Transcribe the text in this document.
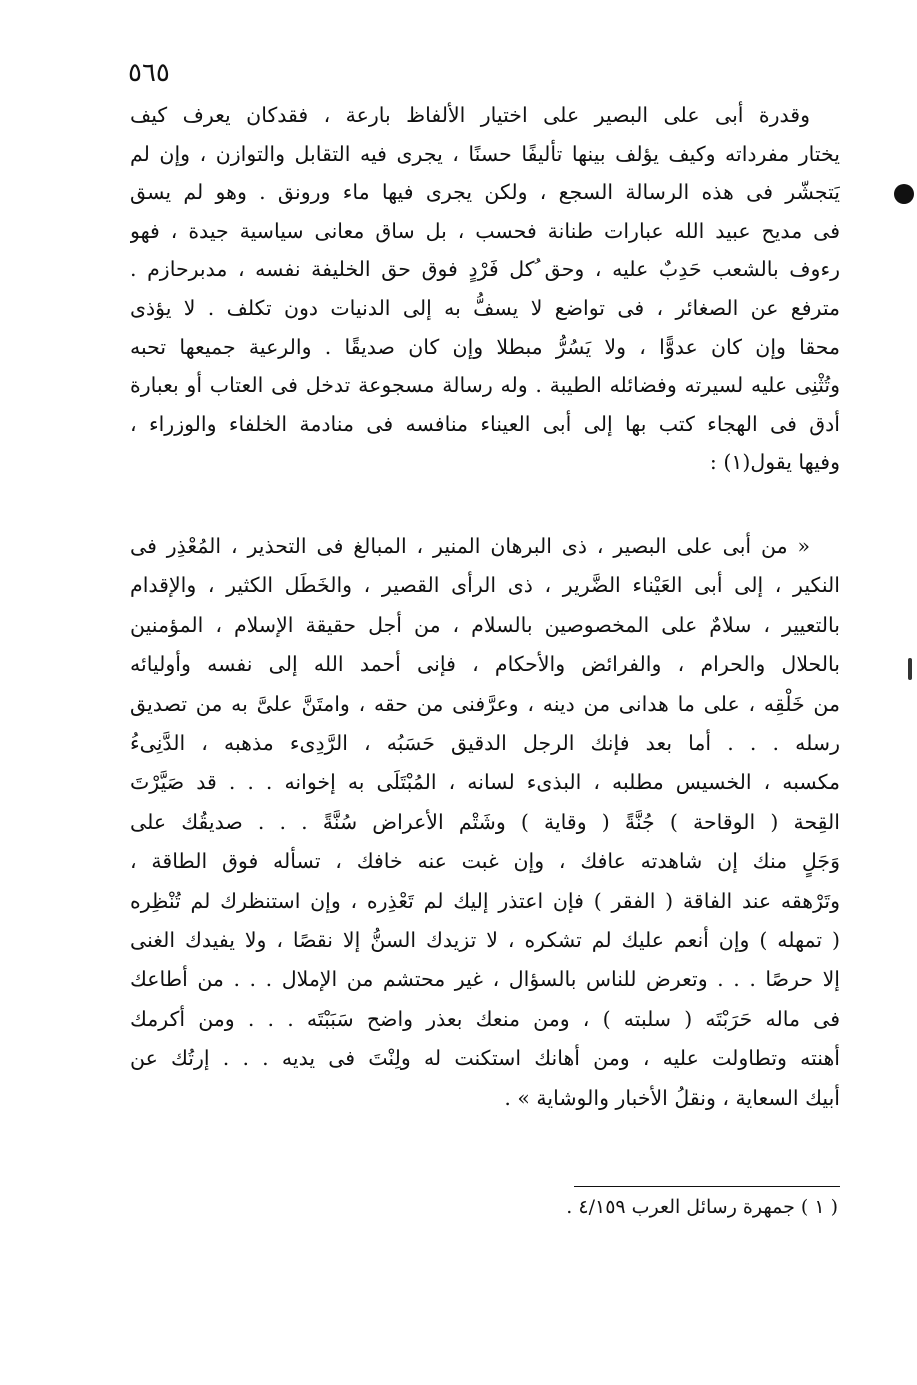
٥٦٥
وقدرة أبى على البصير على اختيار الألفاظ بارعة ، فقدكان يعرف كيف
يختار مفرداته وكيف يؤلف بينها تأليفًا حسنًا ، يجرى فيه التقابل والتوازن ، وإن لم
يَتجشّر فى هذه الرسالة السجع ، ولكن يجرى فيها ماء ورونق . وهو لم يسق
فى مديح عبيد الله عبارات طنانة فحسب ، بل ساق معانى سياسية جيدة ، فهو
رءوف بالشعب حَدِبٌ عليه ، وحق ُكل فَرْدٍ فوق حق الخليفة نفسه ، مدبرحازم .
مترفع عن الصغائر ، فى تواضع لا يسفُّ به إلى الدنيات دون تكلف . لا يؤذى
محقا وإن كان عدوًّا ، ولا يَسُرُّ مبطلا وإن كان صديقًا . والرعية جميعها تحبه
وتُثْنِى عليه لسيرته وفضائله الطيبة . وله رسالة مسجوعة تدخل فى العتاب أو بعبارة
أدق فى الهجاء كتب بها إلى أبى العيناء منافسه فى منادمة الخلفاء والوزراء ،
وفيها يقول(١) :
« من أبى على البصير ، ذى البرهان المنير ، المبالغ فى التحذير ، المُعْذِر فى
النكير ، إلى أبى العَيْناء الضَّرير ، ذى الرأى القصير ، والخَطَل الكثير ، والإقدام
بالتعيير ، سلامٌ على المخصوصين بالسلام ، من أجل حقيقة الإسلام ، المؤمنين
بالحلال والحرام ، والفرائض والأحكام ، فإنى أحمد الله إلى نفسه وأوليائه
من خَلْقِه ، على ما هدانى من دينه ، وعرَّفنى من حقه ، وامتَنَّ علىَّ به من تصديق
رسله . . . أما بعد فإنك الرجل الدقيق حَسَبُه ، الرَّدِىء مذهبه ، الدَّنِىءُ
مكسبه ، الخسيس مطلبه ، البذىء لسانه ، المُبْتَلَى به إخوانه . . . قد صَيَّرْتَ
القِحة ( الوقاحة ) جُنَّةً ( وقاية ) وشَتْم الأعراض سُنَّةً . . . صديقُك على
وَجَلٍ منك إن شاهدته عافك ، وإن غبت عنه خافك ، تسأله فوق الطاقة ،
وتَرْهقه عند الفاقة ( الفقر ) فإن اعتذر إليك لم تَعْذِره ، وإن استنظرك لم تُنْظِره
( تمهله ) وإن أنعم عليك لم تشكره ، لا تزيدك السنُّ إلا نقصًا ، ولا يفيدك الغنى
إلا حرصًا . . . وتعرض للناس بالسؤال ، غير محتشم من الإملال . . . من أطاعك
فى ماله حَرَبْتَه ( سلبته ) ، ومن منعك بعذر واضح سَبَبْتَه . . . ومن أكرمك
أهنته وتطاولت عليه ، ومن أهانك استكنت له ولِنْتَ فى يديه . . . إرتُك عن
أبيك السعاية ، ونقلُ الأخبار والوشاية » .
( ١ ) جمهرة رسائل العرب ٤/١٥٩ .
